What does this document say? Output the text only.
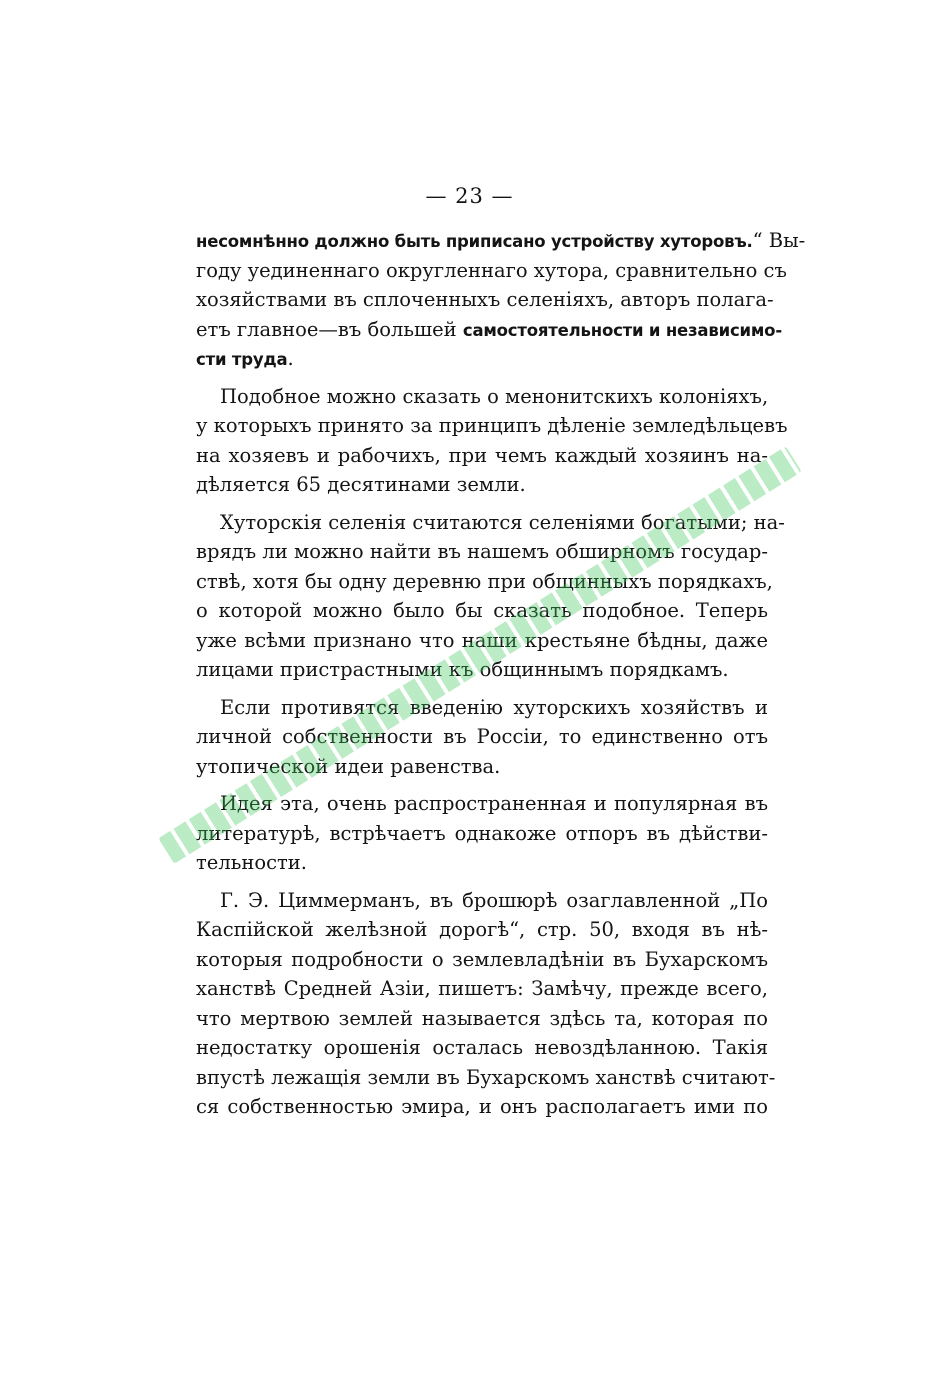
— 23 —
несомнѣнно должно быть приписано устройству хуторовъ.“ Вы-
году уединеннаго округленнаго хутора, сравнительно съ
хозяйствами въ сплоченныхъ селеніяхъ, авторъ полага-
етъ главное—въ большей самостоятельности и независимо-
сти труда.
Подобное можно сказать о менонитскихъ колоніяхъ,
у которыхъ принято за принципъ дѣленіе земледѣльцевъ
на хозяевъ и рабочихъ, при чемъ каждый хозяинъ на-
дѣляется 65 десятинами земли.
Хуторскія селенія считаются селеніями богатыми; на-
врядъ ли можно найти въ нашемъ обширномъ государ-
ствѣ, хотя бы одну деревню при общинныхъ порядкахъ,
о которой можно было бы сказать подобное. Теперь
уже всѣми признано что наши крестьяне бѣдны, даже
лицами пристрастными къ общиннымъ порядкамъ.
Если противятся введенію хуторскихъ хозяйствъ и
личной собственности въ Россіи, то единственно отъ
утопической идеи равенства.
Идея эта, очень распространенная и популярная въ
литературѣ, встрѣчаетъ однакоже отпоръ въ дѣйстви-
тельности.
Г. Э. Циммерманъ, въ брошюрѣ озаглавленной „По
Каспійской желѣзной дорогѣ“, стр. 50, входя въ нѣ-
которыя подробности о землевладѣніи въ Бухарскомъ
ханствѣ Средней Азіи, пишетъ: Замѣчу, прежде всего,
что мертвою землей называется здѣсь та, которая по
недостатку орошенія осталась невоздѣланною. Такія
впустѣ лежащія земли въ Бухарскомъ ханствѣ считают-
ся собственностью эмира, и онъ располагаетъ ими по
